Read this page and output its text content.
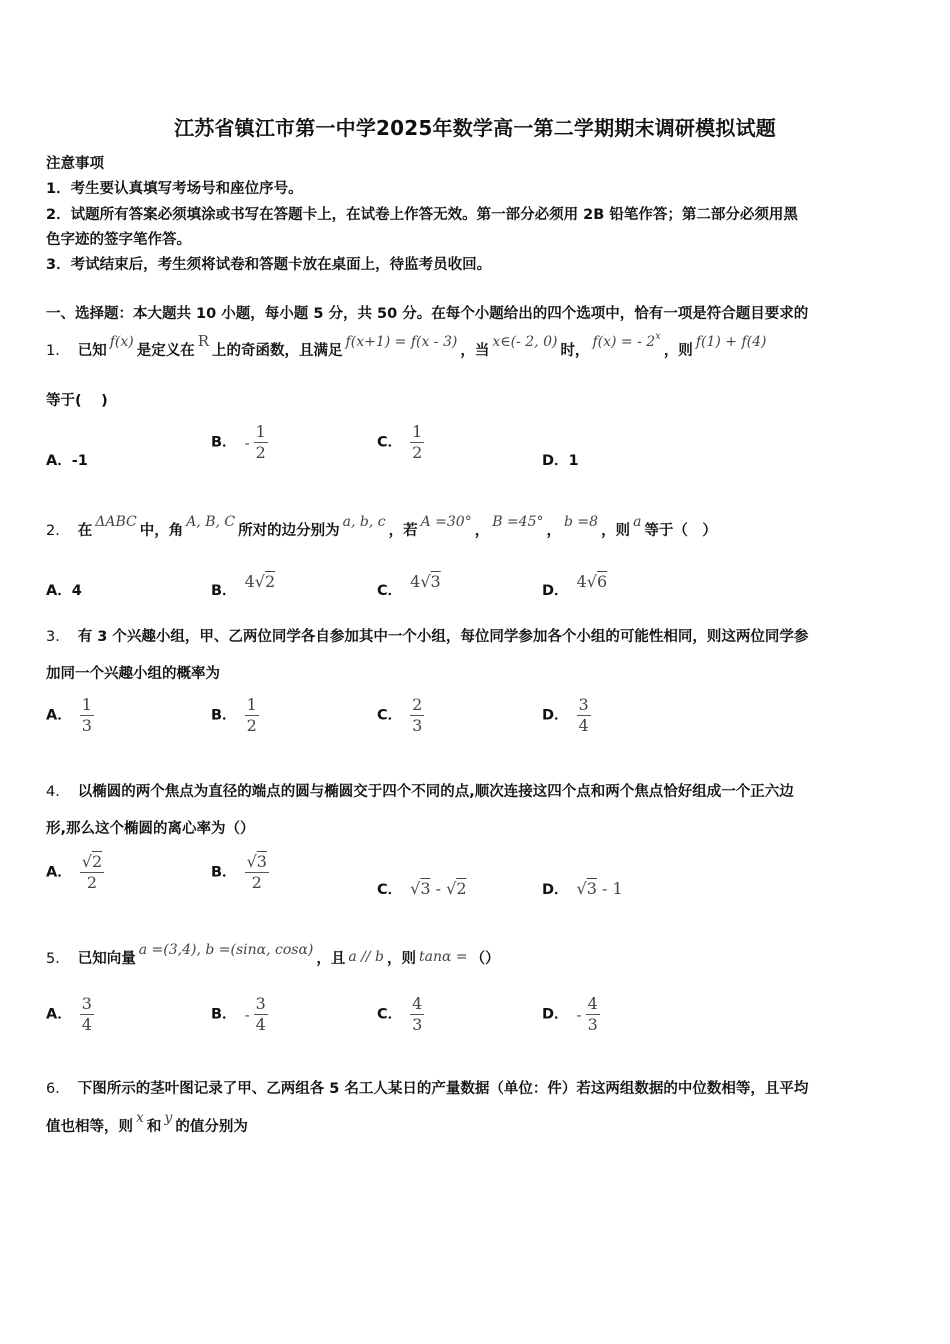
江苏省镇江市第一中学2025年数学高一第二学期期末调研模拟试题
注意事项
1．考生要认真填写考场号和座位序号。
2．试题所有答案必须填涂或书写在答题卡上，在试卷上作答无效。第一部分必须用 2B 铅笔作答；第二部分必须用黑
色字迹的签字笔作答。
3．考试结束后，考生须将试卷和答题卡放在桌面上，待监考员收回。
一、选择题：本大题共 10 小题，每小题 5 分，共 50 分。在每个小题给出的四个选项中，恰有一项是符合题目要求的
1． 已知f(x)是定义在R上的奇函数，且满足f(x+1) = f(x - 3)，当x∈(- 2, 0)时，f(x) = - 2$^x$，则f(1) + f(4)
等于(　 )
A．-1
B． - $\frac{1}{2}$	C． $\frac{1}{2}$	D．1
2． 在ΔABC中，角A, B, C所对的边分别为a, b, c，若A =30°，B =45°，b =8，则a等于（　）
A．4	B． 4√2	C． 4√3	D． 4√6
3． 有 3 个兴趣小组，甲、乙两位同学各自参加其中一个小组，每位同学参加各个小组的可能性相同，则这两位同学参
加同一个兴趣小组的概率为
A． $\frac{1}{3}$	B． $\frac{1}{2}$	C． $\frac{2}{3}$	D． $\frac{3}{4}$
4． 以椭圆的两个焦点为直径的端点的圆与椭圆交于四个不同的点,顺次连接这四个点和两个焦点恰好组成一个正六边
形,那么这个椭圆的离心率为（）
A． $\frac{√2}{2}$	B． $\frac{√3}{2}$	C． √3 - √2	D． √3 - 1
5． 已知向量a =(3,4), b =(sinα, cosα)，且 a // b ，则 tanα = （）
A． $\frac{3}{4}$	B． - $\frac{3}{4}$	C． $\frac{4}{3}$	D． - $\frac{4}{3}$
6． 下图所示的茎叶图记录了甲、乙两组各 5 名工人某日的产量数据（单位：件）若这两组数据的中位数相等，且平均
值也相等，则x和y的值分别为
